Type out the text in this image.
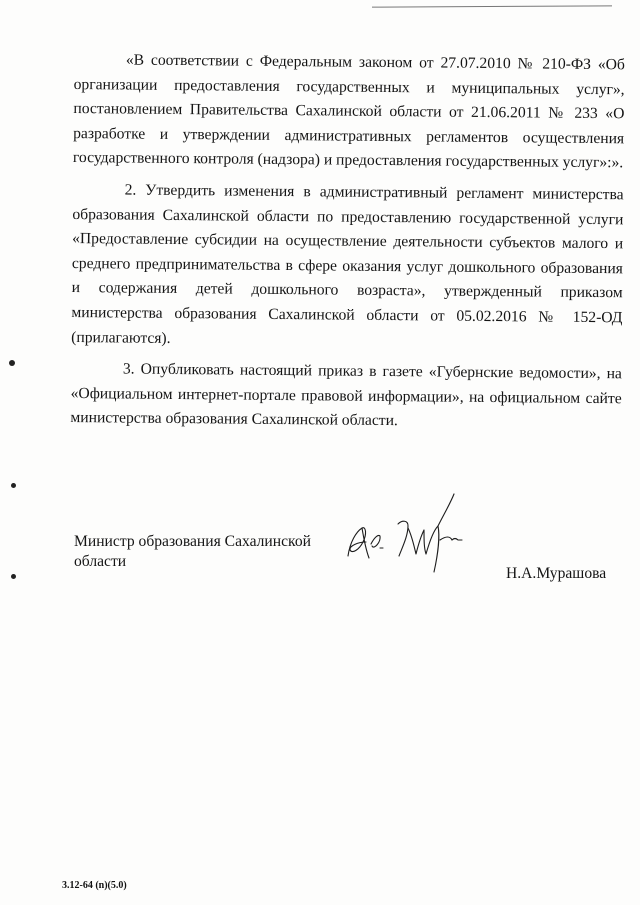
«В соответствии с Федеральным законом от 27.07.2010 № 210-ФЗ «Об организации предоставления государственных и муниципальных услуг», постановлением Правительства Сахалинской области от 21.06.2011 № 233 «О разработке и утверждении административных регламентов осуществления государственного контроля (надзора) и предоставления государственных услуг»:».

2. Утвердить изменения в административный регламент министерства образования Сахалинской области по предоставлению государственной услуги «Предоставление субсидии на осуществление деятельности субъектов малого и среднего предпринимательства в сфере оказания услуг дошкольного образования и содержания детей дошкольного возраста», утвержденный приказом министерства образования Сахалинской области от 05.02.2016 № 152-ОД (прилагаются).

3. Опубликовать настоящий приказ в газете «Губернские ведомости», на «Официальном интернет-портале правовой информации», на официальном сайте министерства образования Сахалинской области.

Министр образования Сахалинской области
Н.А.Мурашова
3.12-64 (n)(5.0)
